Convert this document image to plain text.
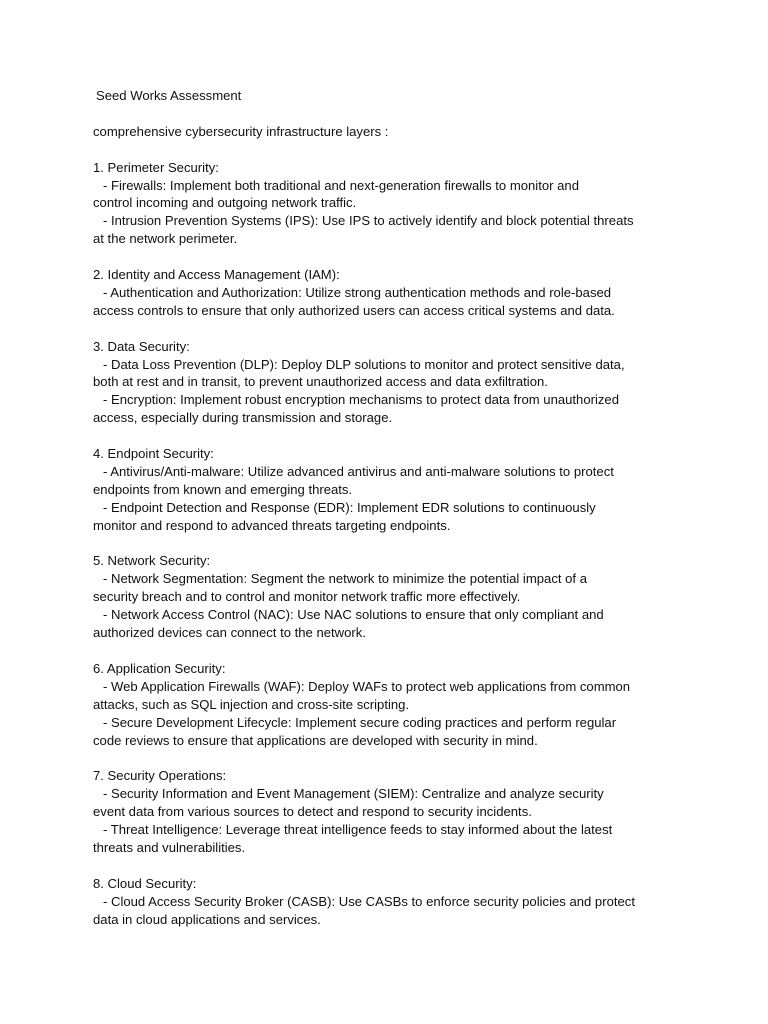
Seed Works Assessment

comprehensive cybersecurity infrastructure layers :

1. Perimeter Security:
- Firewalls: Implement both traditional and next-generation firewalls to monitor and
control incoming and outgoing network traffic.
- Intrusion Prevention Systems (IPS): Use IPS to actively identify and block potential threats
at the network perimeter.
2. Identity and Access Management (IAM):
- Authentication and Authorization: Utilize strong authentication methods and role-based
access controls to ensure that only authorized users can access critical systems and data.
3. Data Security:
- Data Loss Prevention (DLP): Deploy DLP solutions to monitor and protect sensitive data,
both at rest and in transit, to prevent unauthorized access and data exfiltration.
- Encryption: Implement robust encryption mechanisms to protect data from unauthorized
access, especially during transmission and storage.
4. Endpoint Security:
- Antivirus/Anti-malware: Utilize advanced antivirus and anti-malware solutions to protect
endpoints from known and emerging threats.
- Endpoint Detection and Response (EDR): Implement EDR solutions to continuously
monitor and respond to advanced threats targeting endpoints.
5. Network Security:
- Network Segmentation: Segment the network to minimize the potential impact of a
security breach and to control and monitor network traffic more effectively.
- Network Access Control (NAC): Use NAC solutions to ensure that only compliant and
authorized devices can connect to the network.
6. Application Security:
- Web Application Firewalls (WAF): Deploy WAFs to protect web applications from common
attacks, such as SQL injection and cross-site scripting.
- Secure Development Lifecycle: Implement secure coding practices and perform regular
code reviews to ensure that applications are developed with security in mind.
7. Security Operations:
- Security Information and Event Management (SIEM): Centralize and analyze security
event data from various sources to detect and respond to security incidents.
- Threat Intelligence: Leverage threat intelligence feeds to stay informed about the latest
threats and vulnerabilities.
8. Cloud Security:
- Cloud Access Security Broker (CASB): Use CASBs to enforce security policies and protect
data in cloud applications and services.
